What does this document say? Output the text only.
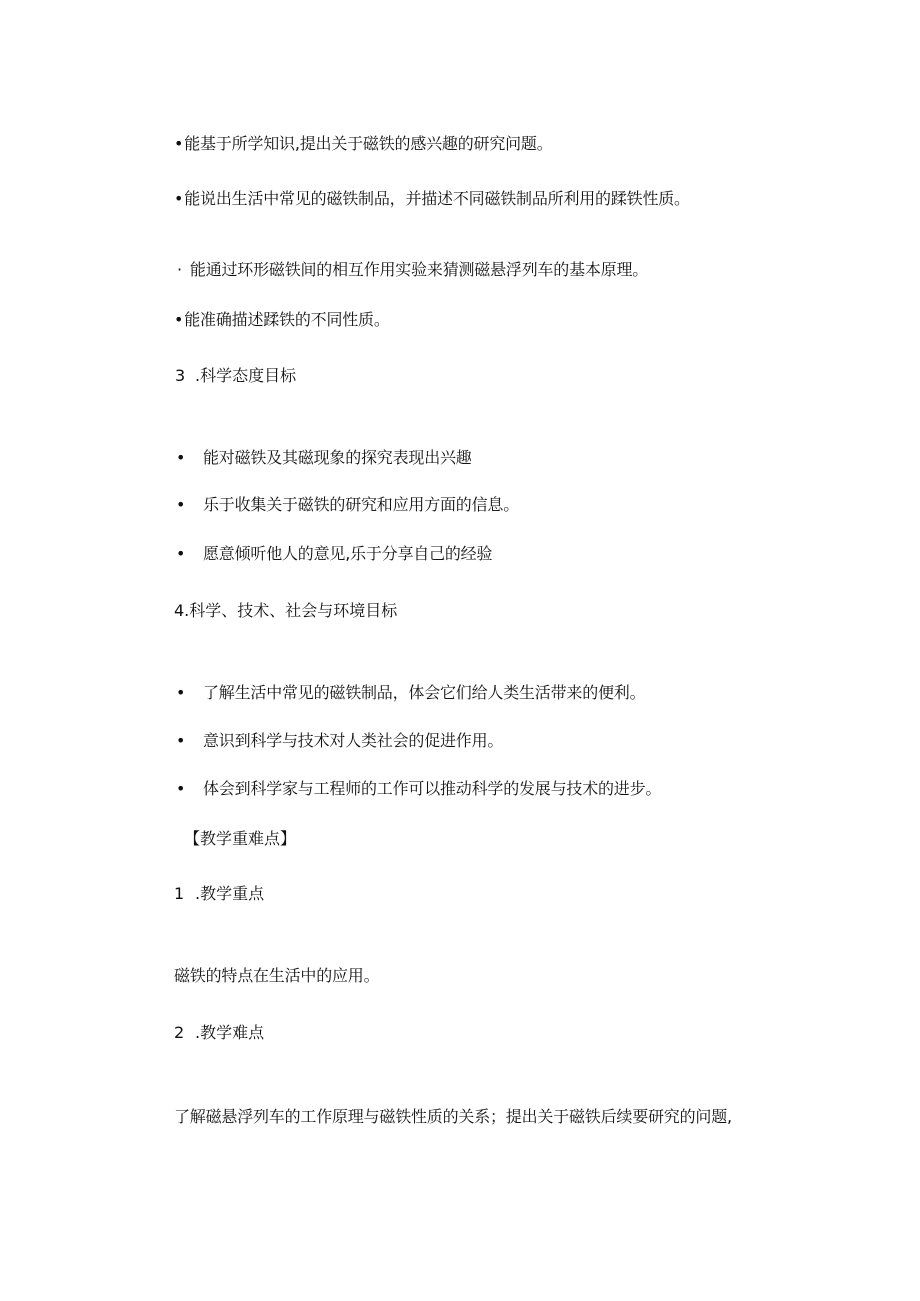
•能基于所学知识,提出关于磁铁的感兴趣的研究问题。
•能说出生活中常见的磁铁制品，并描述不同磁铁制品所利用的蹂铁性质。
· 能通过环形磁铁间的相互作用实验来猜测磁悬浮列车的基本原理。
•能准确描述蹂铁的不同性质。
3 .科学态度目标
• 能对磁铁及其磁现象的探究表现出兴趣
• 乐于收集关于磁铁的研究和应用方面的信息。
• 愿意倾听他人的意见,乐于分享自己的经验
4.科学、技术、社会与环境目标
• 了解生活中常见的磁铁制品，体会它们给人类生活带来的便利。
• 意识到科学与技术对人类社会的促进作用。
• 体会到科学家与工程师的工作可以推动科学的发展与技术的进步。
【教学重难点】
1 .教学重点
磁铁的特点在生活中的应用。
2 .教学难点
了解磁悬浮列车的工作原理与磁铁性质的关系；提出关于磁铁后续要研究的问题,
